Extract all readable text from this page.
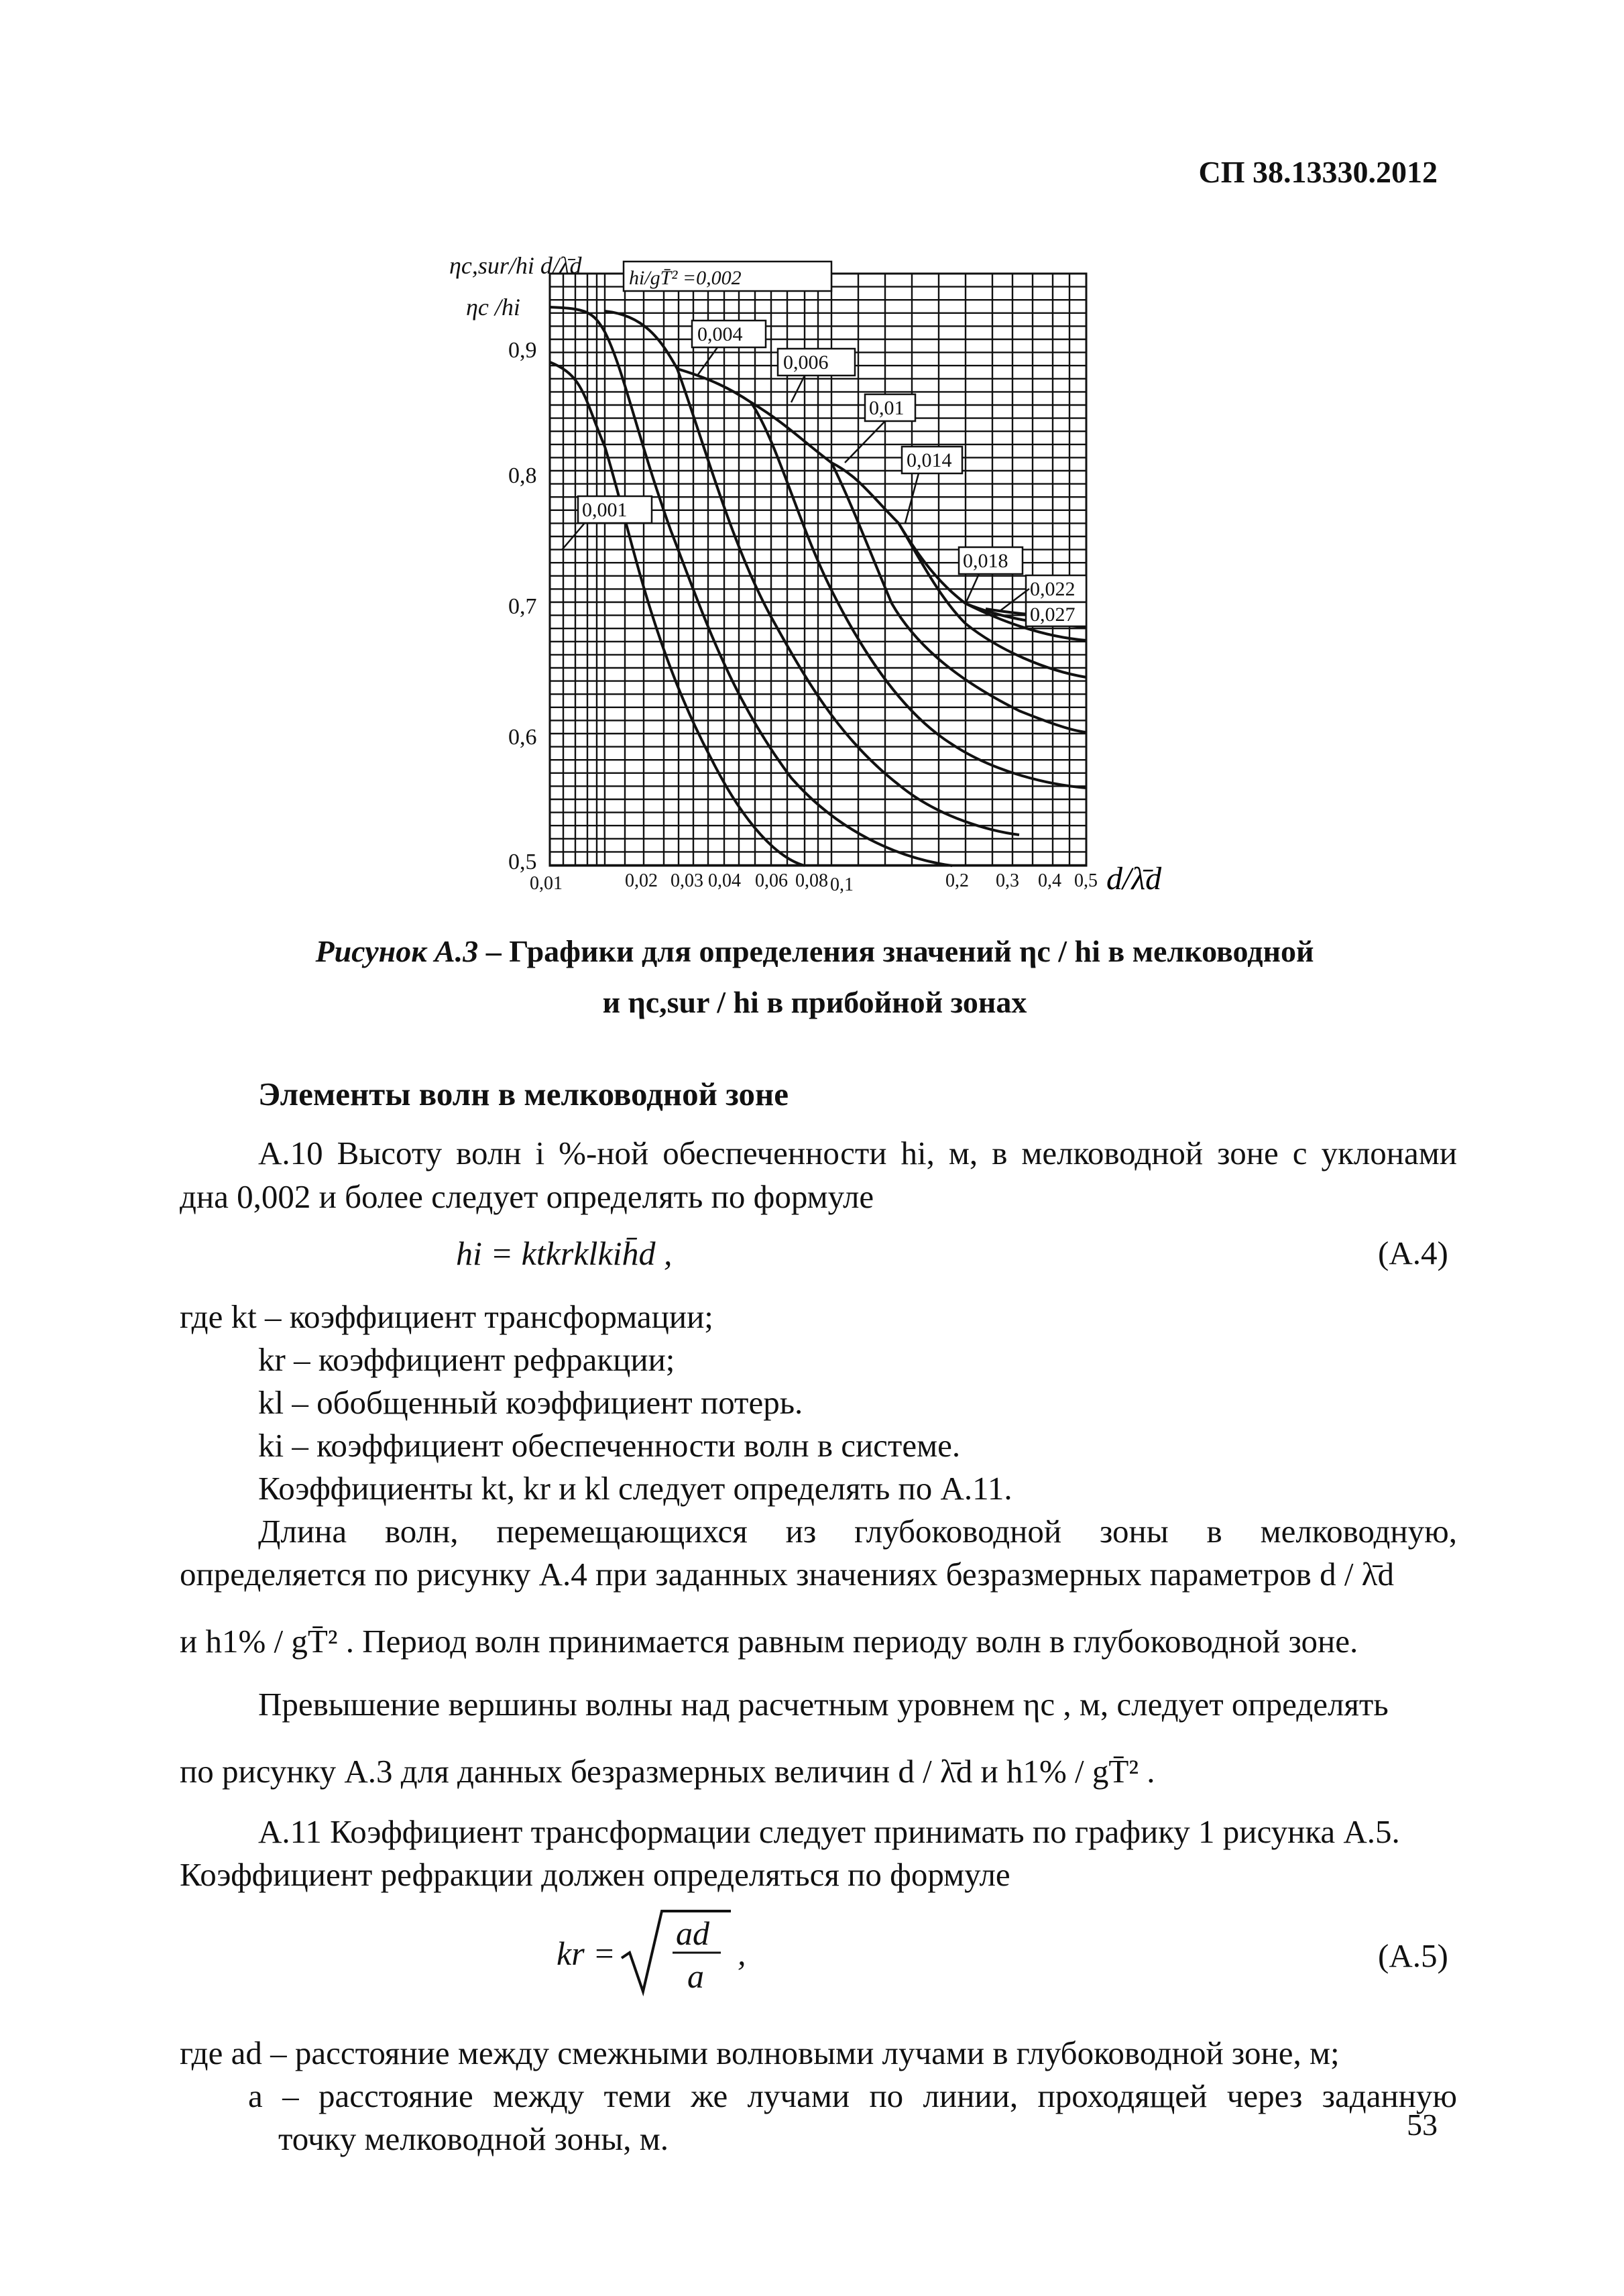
СП 38.13330.2012
0,004
0,006
0,01
0,014
0,018
0,022
0,027
0,001
ηc,sur/hi d/λ̄d hi/gT̄² =0,002
ηc /hi
0,9
0,8
0,7
0,6
0,5
0,01	0,02 0,03 0,04 0,06 0,08 0,1	0,2 0,3 0,4 0,5 d/λ̄d
Рисунок А.3 – Графики для определения значений ηc / hi в мелководной
и ηc,sur / hi в прибойной зонах
Элементы волн в мелководной зоне
А.10 Высоту волн i %-ной обеспеченности hi, м, в мелководной зоне с уклонами
дна 0,002 и более следует определять по формуле
hi = ktkrklkih̄d ,	(А.4)
где kt – коэффициент трансформации;
kr – коэффициент рефракции;
kl – обобщенный коэффициент потерь.
ki – коэффициент обеспеченности волн в системе.
Коэффициенты kt, kr и kl следует определять по А.11.
Длина волн, перемещающихся из глубоководной зоны в мелководную,
определяется по рисунку А.4 при заданных значениях безразмерных параметров d / λ̄d
и h1% / gT̄² . Период волн принимается равным периоду волн в глубоководной зоне.
Превышение вершины волны над расчетным уровнем ηc , м, следует определять
по рисунку А.3 для данных безразмерных величин d / λ̄d и h1% / gT̄² .
А.11 Коэффициент трансформации следует принимать по графику 1 рисунка А.5.
Коэффициент рефракции должен определяться по формуле
kr =
ad
a
,	(А.5)
где ad – расстояние между смежными волновыми лучами в глубоководной зоне, м;
a – расстояние между теми же лучами по линии, проходящей через заданную
точку мелководной зоны, м.	53
